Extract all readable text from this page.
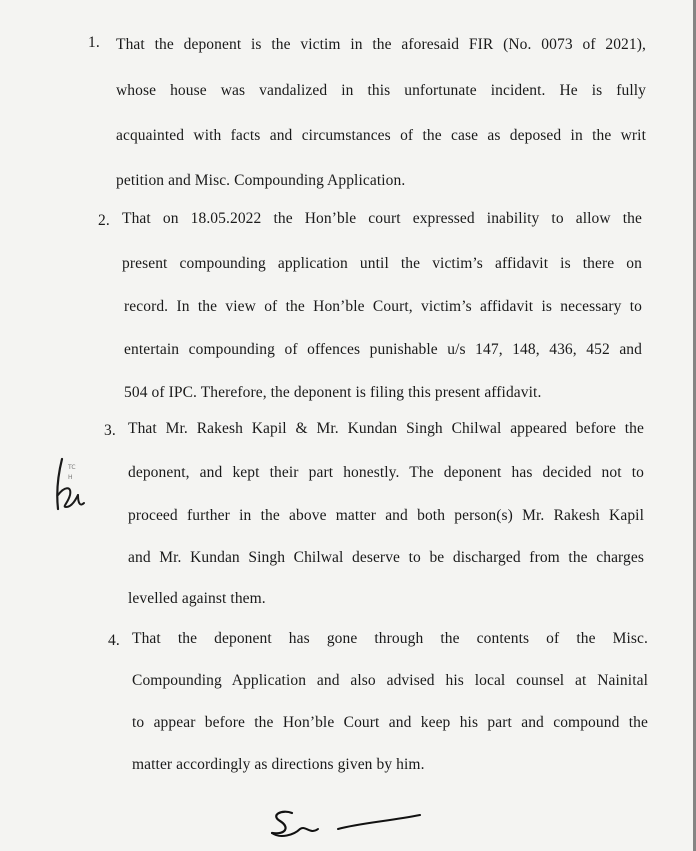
1. That the deponent is the victim in the aforesaid FIR (No. 0073 of 2021),
whose house was vandalized in this unfortunate incident. He is fully
acquainted with facts and circumstances of the case as deposed in the writ
petition and Misc. Compounding Application.
2. That on 18.05.2022 the Hon’ble court expressed inability to allow the
present compounding application until the victim’s affidavit is there on
record. In the view of the Hon’ble Court, victim’s affidavit is necessary to
entertain compounding of offences punishable u/s 147, 148, 436, 452 and
504 of IPC. Therefore, the deponent is filing this present affidavit.
3. That Mr. Rakesh Kapil & Mr. Kundan Singh Chilwal appeared before the
deponent, and kept their part honestly. The deponent has decided not to
proceed further in the above matter and both person(s) Mr. Rakesh Kapil
and Mr. Kundan Singh Chilwal deserve to be discharged from the charges
levelled against them.
4. That the deponent has gone through the contents of the Misc.
Compounding Application and also advised his local counsel at Nainital
to appear before the Hon’ble Court and keep his part and compound the
matter accordingly as directions given by him.
TC
H
